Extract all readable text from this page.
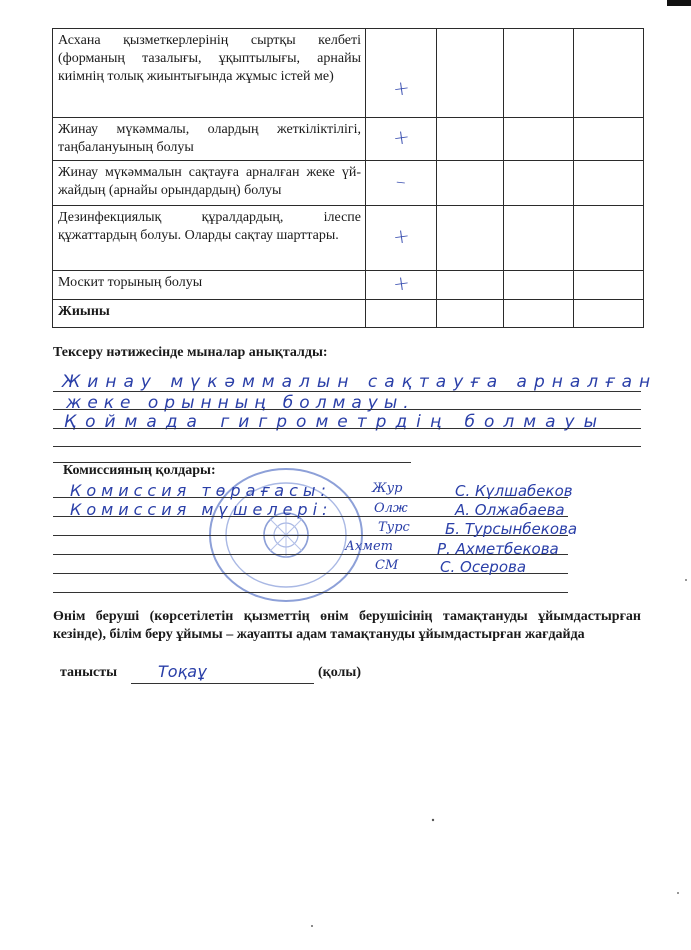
Асхана қызметкерлерінің сыртқы келбеті (форманың тазалығы, ұқыптылығы, арнайы киімнің толық жиынтығында жұмыс істей ме)	+			
Жинау мүкәммалы, олардың жеткіліктілігі, таңбалануының болуы	+			
Жинау мүкәммалын сақтауға арналған жеке үй-жайдың (арнайы орындардың) болуы	–			
Дезинфекциялық құралдардың, ілеспе құжаттардың болуы. Оларды сақтау шарттары.	+			
Москит торының болуы	+			
Жиыны				
Тексеру нәтижесінде мыналар анықталды:
Жинау мүкәммалын сақтауға арналған
жеке орынның болмауы.
Қоймада гигрометрдің болмауы
Комиссияның қолдары:
Комиссия төрағасы:	Жур	С. Күлшабеков
Комиссия мүшелері:	Олж	А. Олжабаева
Турс Б. Турсынбекова
Ахмет	Р. Ахметбекова
СМ	С. Осерова
Өнім беруші (көрсетілетін қызметтің өнім берушісінің тамақтануды ұйымдастырған кезінде), білім беру ұйымы – жауапты адам тамақтануды ұйымдастырған жағдайда
танысты	Тоқаұ	(қолы)
